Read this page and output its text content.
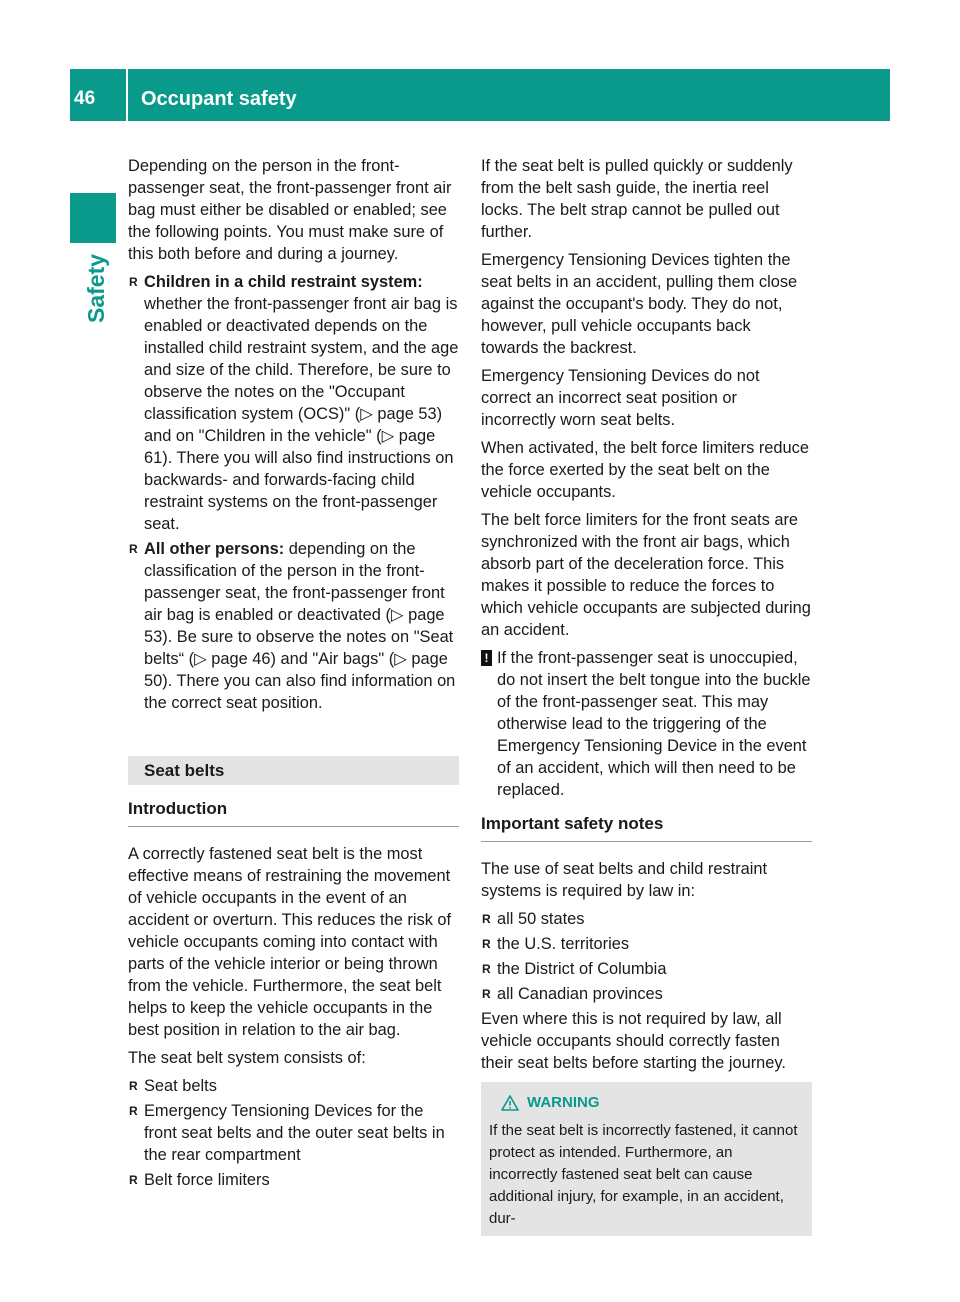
46 Occupant safety
Safety

Depending on the person in the front-passenger seat, the front-passenger front air bag must either be disabled or enabled; see the following points. You must make sure of this both before and during a journey.

R Children in a child restraint system:
whether the front-passenger front air bag is enabled or deactivated depends on the installed child restraint system, and the age and size of the child. Therefore, be sure to observe the notes on the "Occupant classification system (OCS)" (▷ page 53) and on "Children in the vehicle" (▷ page 61). There you will also find instructions on backwards- and forwards-facing child restraint systems on the front-passenger seat.
R All other persons: depending on the classification of the person in the front-passenger seat, the front-passenger front air bag is enabled or deactivated (▷ page 53). Be sure to observe the notes on "Seat belts“ (▷ page 46) and "Air bags" (▷ page 50). There you can also find information on the correct seat position.
Seat belts
Introduction

A correctly fastened seat belt is the most effective means of restraining the movement of vehicle occupants in the event of an accident or overturn. This reduces the risk of vehicle occupants coming into contact with parts of the vehicle interior or being thrown from the vehicle. Furthermore, the seat belt helps to keep the vehicle occupants in the best position in relation to the air bag.

The seat belt system consists of:

R Seat belts
R Emergency Tensioning Devices for the front seat belts and the outer seat belts in the rear compartment
R Belt force limiters

If the seat belt is pulled quickly or suddenly from the belt sash guide, the inertia reel locks. The belt strap cannot be pulled out further.

Emergency Tensioning Devices tighten the seat belts in an accident, pulling them close against the occupant's body. They do not, however, pull vehicle occupants back towards the backrest.

Emergency Tensioning Devices do not correct an incorrect seat position or incorrectly worn seat belts.

When activated, the belt force limiters reduce the force exerted by the seat belt on the vehicle occupants.

The belt force limiters for the front seats are synchronized with the front air bags, which absorb part of the deceleration force. This makes it possible to reduce the forces to which vehicle occupants are subjected during an accident.

! If the front-passenger seat is unoccupied, do not insert the belt tongue into the buckle of the front-passenger seat. This may otherwise lead to the triggering of the Emergency Tensioning Device in the event of an accident, which will then need to be replaced.
Important safety notes

The use of seat belts and child restraint systems is required by law in:

R all 50 states
R the U.S. territories
R the District of Columbia
R all Canadian provinces

Even where this is not required by law, all vehicle occupants should correctly fasten their seat belts before starting the journey.

WARNING
If the seat belt is incorrectly fastened, it cannot protect as intended. Furthermore, an incorrectly fastened seat belt can cause additional injury, for example, in an accident, dur-
